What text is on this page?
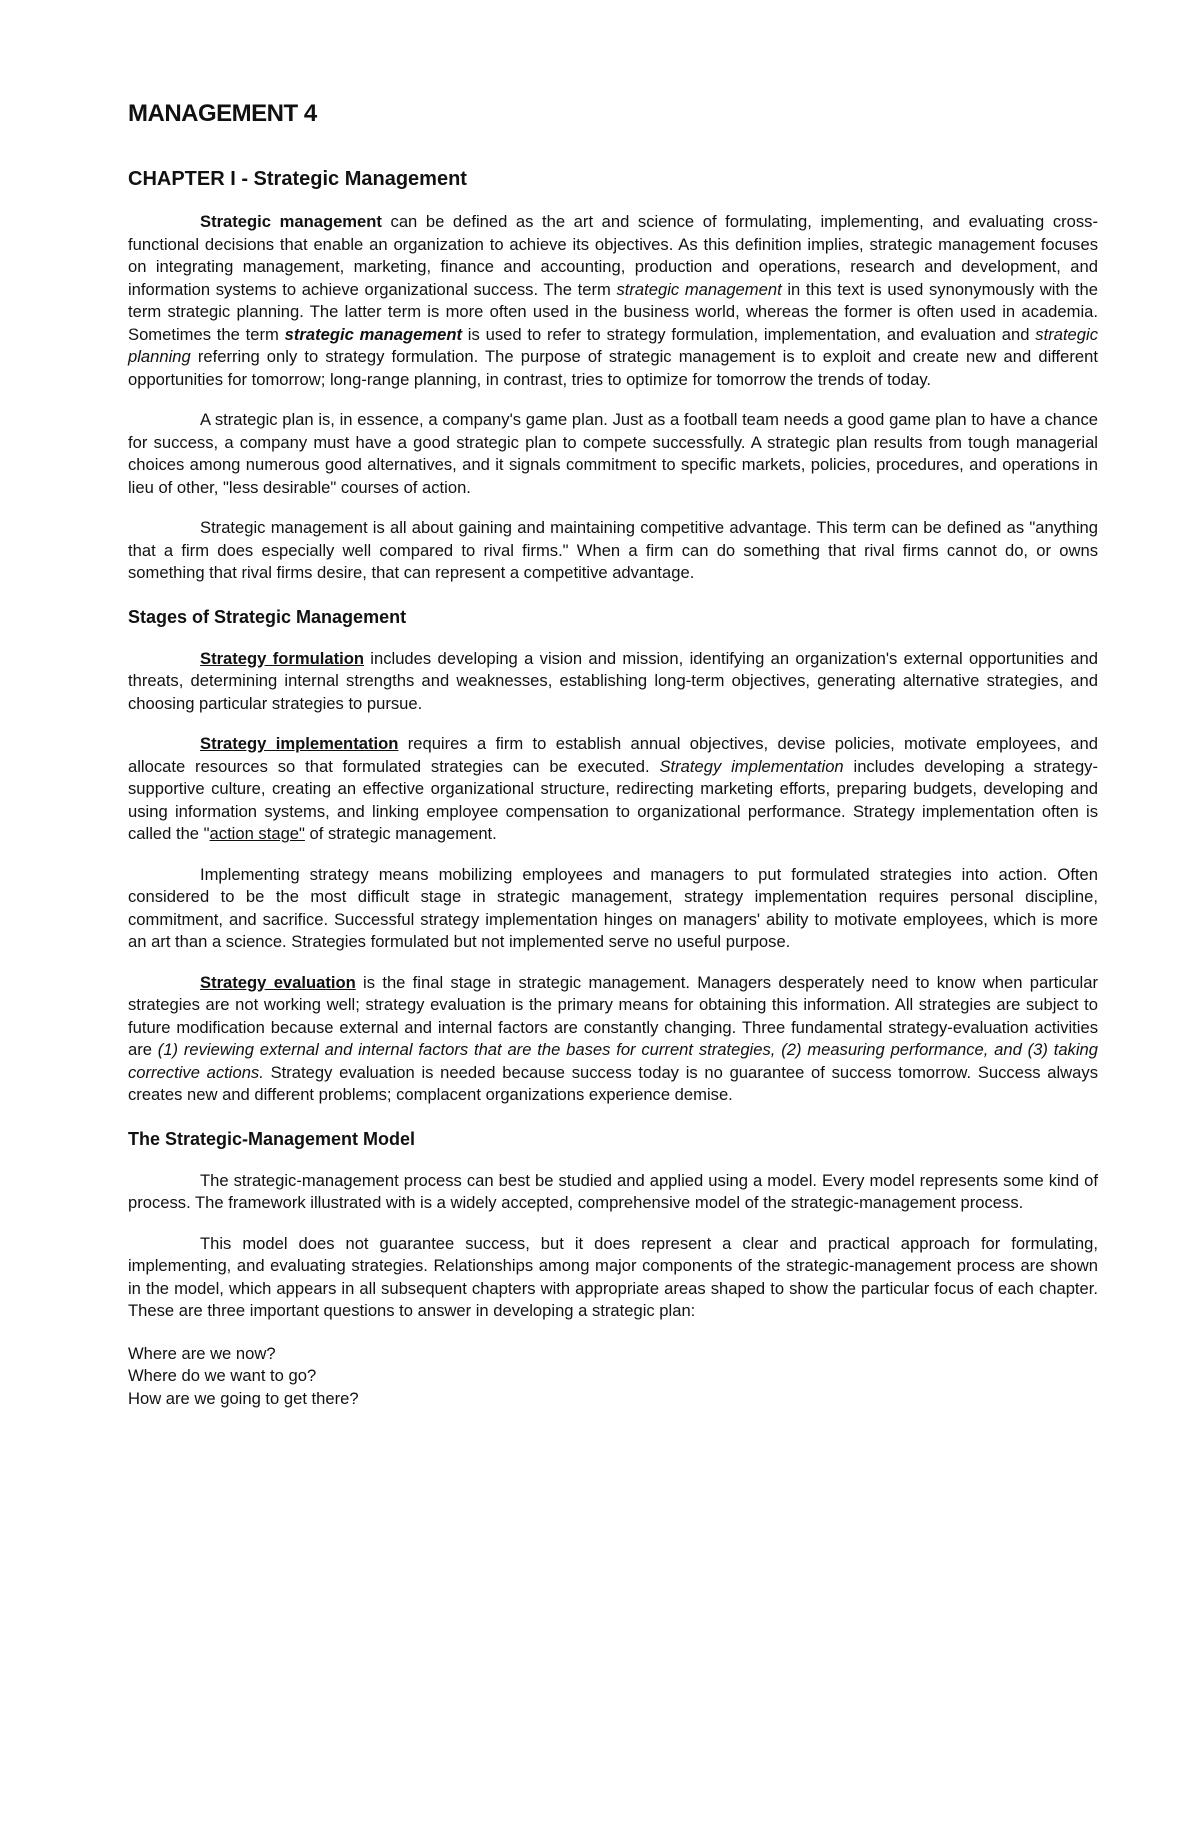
MANAGEMENT 4
CHAPTER I - Strategic Management

Strategic management can be defined as the art and science of formulating, implementing, and evaluating cross-functional decisions that enable an organization to achieve its objectives. As this definition implies, strategic management focuses on integrating management, marketing, finance and accounting, production and operations, research and development, and information systems to achieve organizational success. The term strategic management in this text is used synonymously with the term strategic planning. The latter term is more often used in the business world, whereas the former is often used in academia. Sometimes the term strategic management is used to refer to strategy formulation, implementation, and evaluation and strategic planning referring only to strategy formulation. The purpose of strategic management is to exploit and create new and different opportunities for tomorrow; long-range planning, in contrast, tries to optimize for tomorrow the trends of today.

A strategic plan is, in essence, a company's game plan. Just as a football team needs a good game plan to have a chance for success, a company must have a good strategic plan to compete successfully. A strategic plan results from tough managerial choices among numerous good alternatives, and it signals commitment to specific markets, policies, procedures, and operations in lieu of other, "less desirable" courses of action.

Strategic management is all about gaining and maintaining competitive advantage. This term can be defined as "anything that a firm does especially well compared to rival firms." When a firm can do something that rival firms cannot do, or owns something that rival firms desire, that can represent a competitive advantage.

Stages of Strategic Management

Strategy formulation includes developing a vision and mission, identifying an organization's external opportunities and threats, determining internal strengths and weaknesses, establishing long-term objectives, generating alternative strategies, and choosing particular strategies to pursue.

Strategy implementation requires a firm to establish annual objectives, devise policies, motivate employees, and allocate resources so that formulated strategies can be executed. Strategy implementation includes developing a strategy-supportive culture, creating an effective organizational structure, redirecting marketing efforts, preparing budgets, developing and using information systems, and linking employee compensation to organizational performance. Strategy implementation often is called the "action stage" of strategic management.

Implementing strategy means mobilizing employees and managers to put formulated strategies into action. Often considered to be the most difficult stage in strategic management, strategy implementation requires personal discipline, commitment, and sacrifice. Successful strategy implementation hinges on managers' ability to motivate employees, which is more an art than a science. Strategies formulated but not implemented serve no useful purpose.

Strategy evaluation is the final stage in strategic management. Managers desperately need to know when particular strategies are not working well; strategy evaluation is the primary means for obtaining this information. All strategies are subject to future modification because external and internal factors are constantly changing. Three fundamental strategy-evaluation activities are (1) reviewing external and internal factors that are the bases for current strategies, (2) measuring performance, and (3) taking corrective actions. Strategy evaluation is needed because success today is no guarantee of success tomorrow. Success always creates new and different problems; complacent organizations experience demise.

The Strategic-Management Model

The strategic-management process can best be studied and applied using a model. Every model represents some kind of process. The framework illustrated with is a widely accepted, comprehensive model of the strategic-management process.

This model does not guarantee success, but it does represent a clear and practical approach for formulating, implementing, and evaluating strategies. Relationships among major components of the strategic-management process are shown in the model, which appears in all subsequent chapters with appropriate areas shaped to show the particular focus of each chapter. These are three important questions to answer in developing a strategic plan:

Where are we now?

Where do we want to go?

How are we going to get there?
